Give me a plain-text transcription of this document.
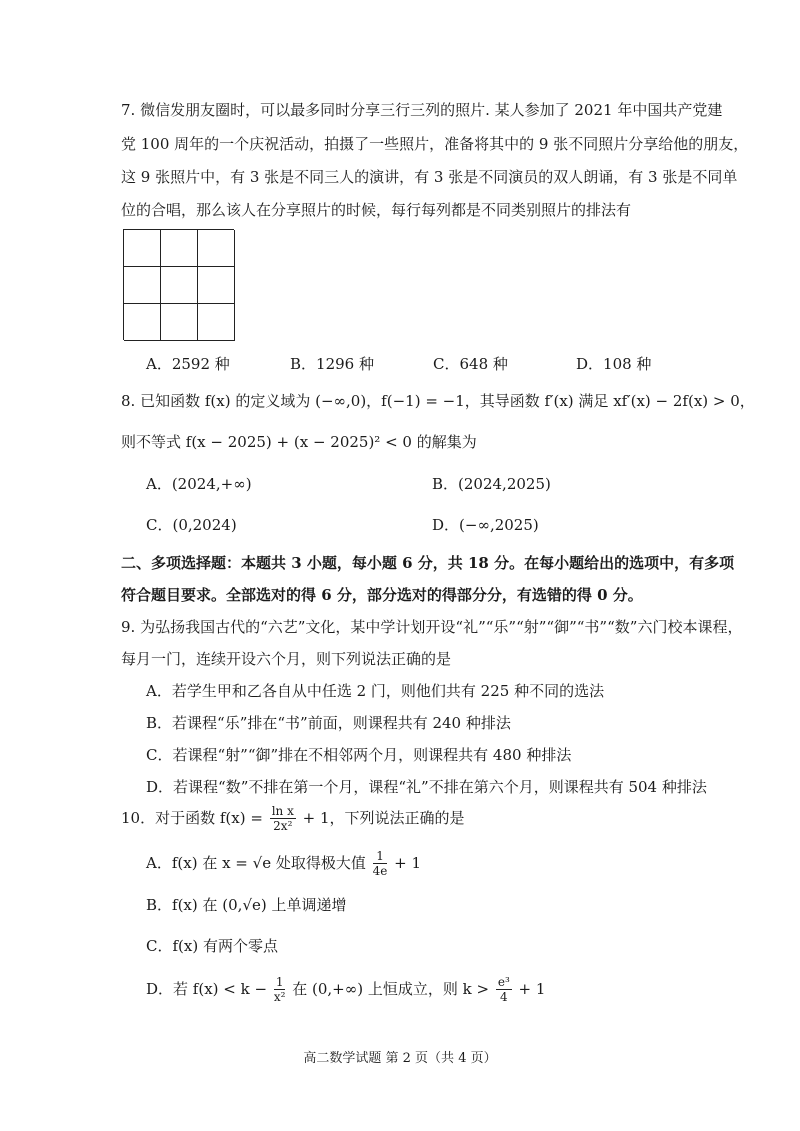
7. 微信发朋友圈时，可以最多同时分享三行三列的照片. 某人参加了 2021 年中国共产党建
党 100 周年的一个庆祝活动，拍摄了一些照片，准备将其中的 9 张不同照片分享给他的朋友，
这 9 张照片中，有 3 张是不同三人的演讲，有 3 张是不同演员的双人朗诵，有 3 张是不同单
位的合唱，那么该人在分享照片的时候，每行每列都是不同类别照片的排法有
A．2592 种	B．1296 种	C．648 种	D．108 种
8. 已知函数 f(x) 的定义域为 (−∞,0)，f(−1) = −1，其导函数 f′(x) 满足 xf′(x) − 2f(x) > 0，
则不等式 f(x − 2025) + (x − 2025)² < 0 的解集为
A．(2024,+∞)	B．(2024,2025)
C．(0,2024)	D．(−∞,2025)
二、多项选择题：本题共 3 小题，每小题 6 分，共 18 分。在每小题给出的选项中，有多项
符合题目要求。全部选对的得 6 分，部分选对的得部分分，有选错的得 0 分。
9. 为弘扬我国古代的“六艺”文化，某中学计划开设“礼”“乐”“射”“御”“书”“数”六门校本课程，
每月一门，连续开设六个月，则下列说法正确的是
A．若学生甲和乙各自从中任选 2 门，则他们共有 225 种不同的选法
B．若课程“乐”排在“书”前面，则课程共有 240 种排法
C．若课程“射”“御”排在不相邻两个月，则课程共有 480 种排法
D．若课程“数”不排在第一个月，课程“礼”不排在第六个月，则课程共有 504 种排法
10．对于函数 $f(x) = \frac{\text{ln x}}{\text{2x²}} + 1$，下列说法正确的是
A．f(x) 在 x = √e 处取得极大值 $\frac{1}{4e} + 1$
B．f(x) 在 (0,√e) 上单调递增
C．f(x) 有两个零点
D．若 $f(x) < k - \frac{1}{\text{x²}}$ 在 (0,+∞) 上恒成立，则 $k > \frac{\text{e³}}{4} + 1$
高二数学试题 第 2 页（共 4 页）
